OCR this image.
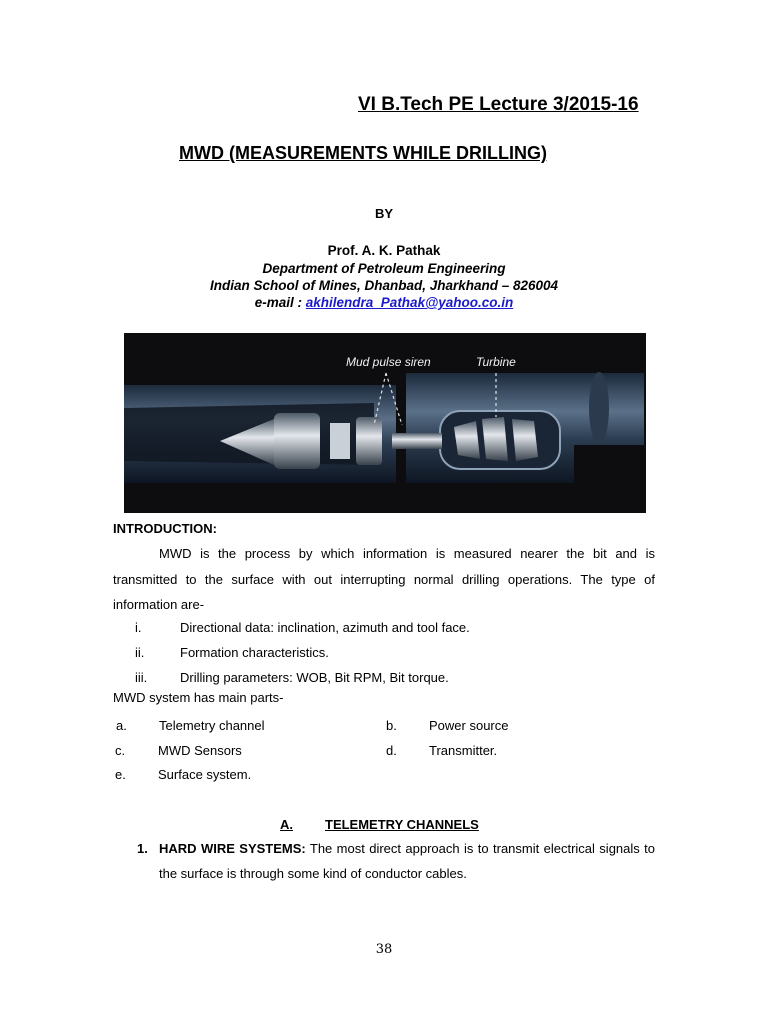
VI B.Tech PE Lecture 3/2015-16
MWD (MEASUREMENTS WHILE DRILLING)
BY
Prof. A. K. Pathak
Department of Petroleum Engineering
Indian School of Mines, Dhanbad, Jharkhand – 826004
e-mail : akhilendra_Pathak@yahoo.co.in
Mud pulse siren	Turbine
INTRODUCTION:

MWD is the process by which information is measured nearer the bit and is transmitted to the surface with out interrupting normal drilling operations. The type of information are-

i.	Directional data: inclination, azimuth and tool face.
ii.	Formation characteristics.
iii.	Drilling parameters: WOB, Bit RPM, Bit torque.
MWD system has main parts-
a. Telemetry channel	b. Power source
c.	MWD Sensors	d. Transmitter.
e. Surface system.
A. TELEMETRY CHANNELS
1. HARD WIRE SYSTEMS: The most direct approach is to transmit electrical signals to the surface is through some kind of conductor cables.

38
